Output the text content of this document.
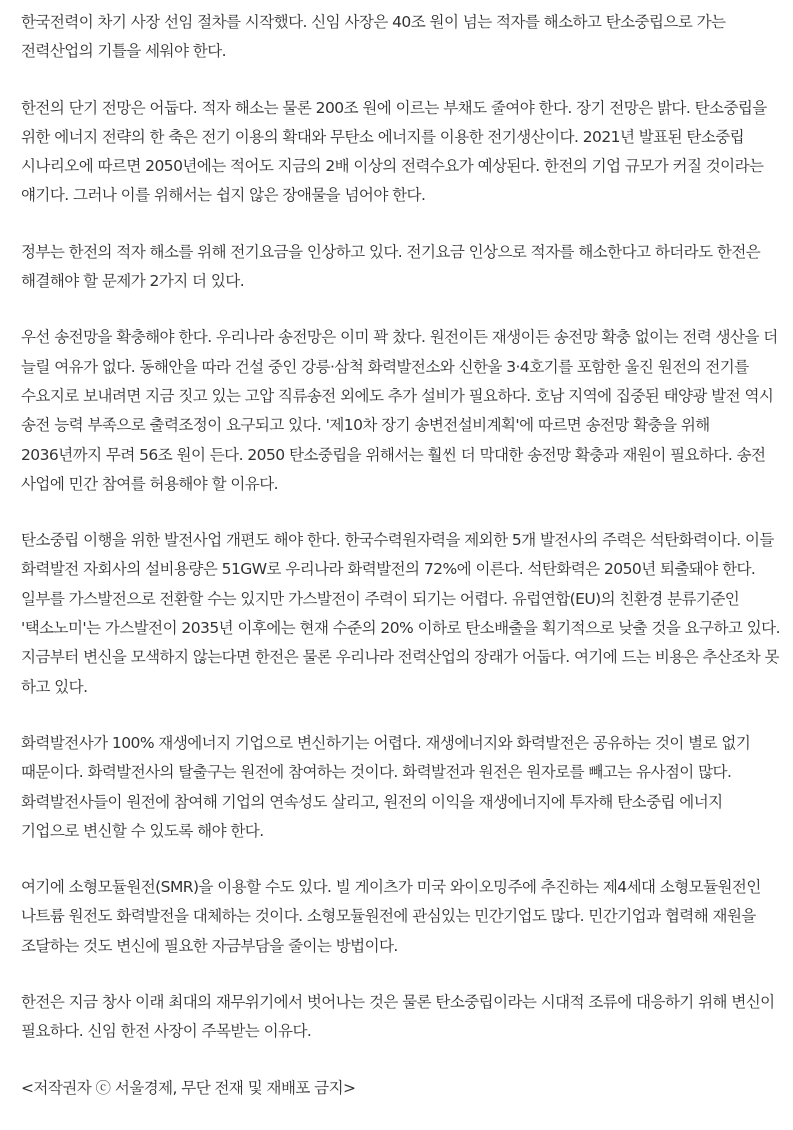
한국전력이 차기 사장 선임 절차를 시작했다. 신임 사장은 40조 원이 넘는 적자를 해소하고 탄소중립으로 가는 전력산업의 기틀을 세워야 한다.

한전의 단기 전망은 어둡다. 적자 해소는 물론 200조 원에 이르는 부채도 줄여야 한다. 장기 전망은 밝다. 탄소중립을 위한 에너지 전략의 한 축은 전기 이용의 확대와 무탄소 에너지를 이용한 전기생산이다. 2021년 발표된 탄소중립 시나리오에 따르면 2050년에는 적어도 지금의 2배 이상의 전력수요가 예상된다. 한전의 기업 규모가 커질 것이라는 얘기다. 그러나 이를 위해서는 쉽지 않은 장애물을 넘어야 한다.

정부는 한전의 적자 해소를 위해 전기요금을 인상하고 있다. 전기요금 인상으로 적자를 해소한다고 하더라도 한전은 해결해야 할 문제가 2가지 더 있다.

우선 송전망을 확충해야 한다. 우리나라 송전망은 이미 꽉 찼다. 원전이든 재생이든 송전망 확충 없이는 전력 생산을 더 늘릴 여유가 없다. 동해안을 따라 건설 중인 강릉·삼척 화력발전소와 신한울 3·4호기를 포함한 울진 원전의 전기를 수요지로 보내려면 지금 짓고 있는 고압 직류송전 외에도 추가 설비가 필요하다. 호남 지역에 집중된 태양광 발전 역시 송전 능력 부족으로 출력조정이 요구되고 있다. '제10차 장기 송변전설비계획'에 따르면 송전망 확충을 위해 2036년까지 무려 56조 원이 든다. 2050 탄소중립을 위해서는 훨씬 더 막대한 송전망 확충과 재원이 필요하다. 송전 사업에 민간 참여를 허용해야 할 이유다.

탄소중립 이행을 위한 발전사업 개편도 해야 한다. 한국수력원자력을 제외한 5개 발전사의 주력은 석탄화력이다. 이들 화력발전 자회사의 설비용량은 51GW로 우리나라 화력발전의 72%에 이른다. 석탄화력은 2050년 퇴출돼야 한다. 일부를 가스발전으로 전환할 수는 있지만 가스발전이 주력이 되기는 어렵다. 유럽연합(EU)의 친환경 분류기준인 '택소노미'는 가스발전이 2035년 이후에는 현재 수준의 20% 이하로 탄소배출을 획기적으로 낮출 것을 요구하고 있다. 지금부터 변신을 모색하지 않는다면 한전은 물론 우리나라 전력산업의 장래가 어둡다. 여기에 드는 비용은 추산조차 못 하고 있다.

화력발전사가 100% 재생에너지 기업으로 변신하기는 어렵다. 재생에너지와 화력발전은 공유하는 것이 별로 없기 때문이다. 화력발전사의 탈출구는 원전에 참여하는 것이다. 화력발전과 원전은 원자로를 빼고는 유사점이 많다. 화력발전사들이 원전에 참여해 기업의 연속성도 살리고, 원전의 이익을 재생에너지에 투자해 탄소중립 에너지 기업으로 변신할 수 있도록 해야 한다.

여기에 소형모듈원전(SMR)을 이용할 수도 있다. 빌 게이츠가 미국 와이오밍주에 추진하는 제4세대 소형모듈원전인 나트륨 원전도 화력발전을 대체하는 것이다. 소형모듈원전에 관심있는 민간기업도 많다. 민간기업과 협력해 재원을 조달하는 것도 변신에 필요한 자금부담을 줄이는 방법이다.

한전은 지금 창사 이래 최대의 재무위기에서 벗어나는 것은 물론 탄소중립이라는 시대적 조류에 대응하기 위해 변신이 필요하다. 신임 한전 사장이 주목받는 이유다.

<저작권자 ⓒ 서울경제, 무단 전재 및 재배포 금지>
